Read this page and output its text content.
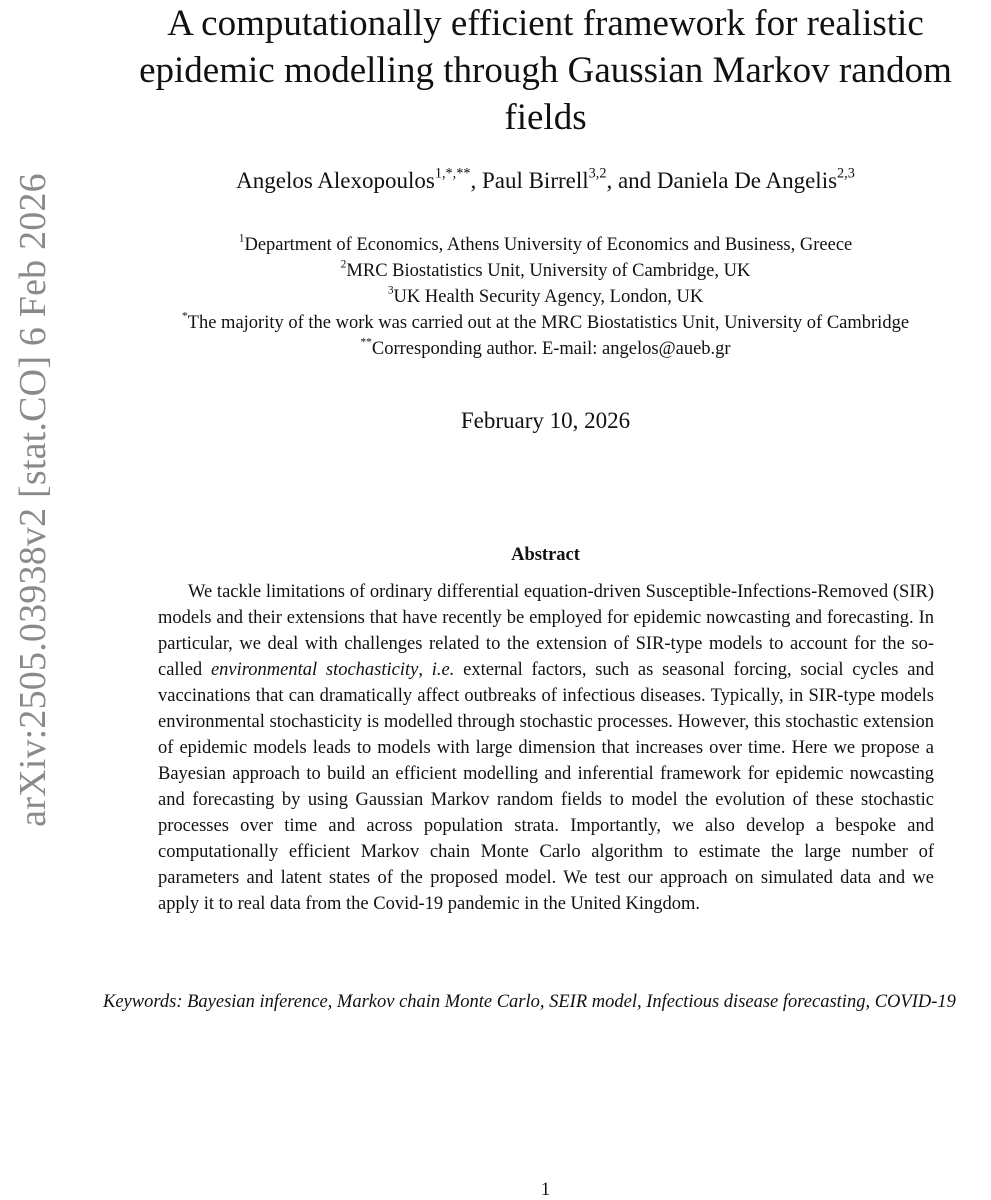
arXiv:2505.03938v2 [stat.CO] 6 Feb 2026
A computationally efficient framework for realistic
epidemic modelling through Gaussian Markov random
fields
Angelos Alexopoulos$^{1,*,**}$, Paul Birrell$^{3,2}$, and Daniela De Angelis$^{2,3}$
$^1$Department of Economics, Athens University of Economics and Business, Greece
$^2$MRC Biostatistics Unit, University of Cambridge, UK
$^3$UK Health Security Agency, London, UK
*The majority of the work was carried out at the MRC Biostatistics Unit, University of Cambridge
**Corresponding author. E-mail: angelos@aueb.gr
February 10, 2026
Abstract

We tackle limitations of ordinary differential equation-driven Susceptible-Infections-Removed (SIR) models and their extensions that have recently be employed for epidemic nowcasting and forecasting. In particular, we deal with challenges related to the extension of SIR-type models to account for the so-called environmental stochasticity, i.e. external factors, such as seasonal forcing, social cycles and vaccinations that can dramatically affect outbreaks of infectious diseases. Typically, in SIR-type models environmental stochasticity is modelled through stochastic processes. However, this stochastic extension of epidemic models leads to models with large dimension that increases over time. Here we propose a Bayesian approach to build an efficient modelling and inferential framework for epidemic nowcasting and forecasting by using Gaussian Markov random fields to model the evolution of these stochastic processes over time and across population strata. Importantly, we also develop a bespoke and computationally efficient Markov chain Monte Carlo algorithm to estimate the large number of parameters and latent states of the proposed model. We test our approach on simulated data and we apply it to real data from the Covid-19 pandemic in the United Kingdom.

Keywords: Bayesian inference, Markov chain Monte Carlo, SEIR model, Infectious disease forecasting, COVID-19

1
